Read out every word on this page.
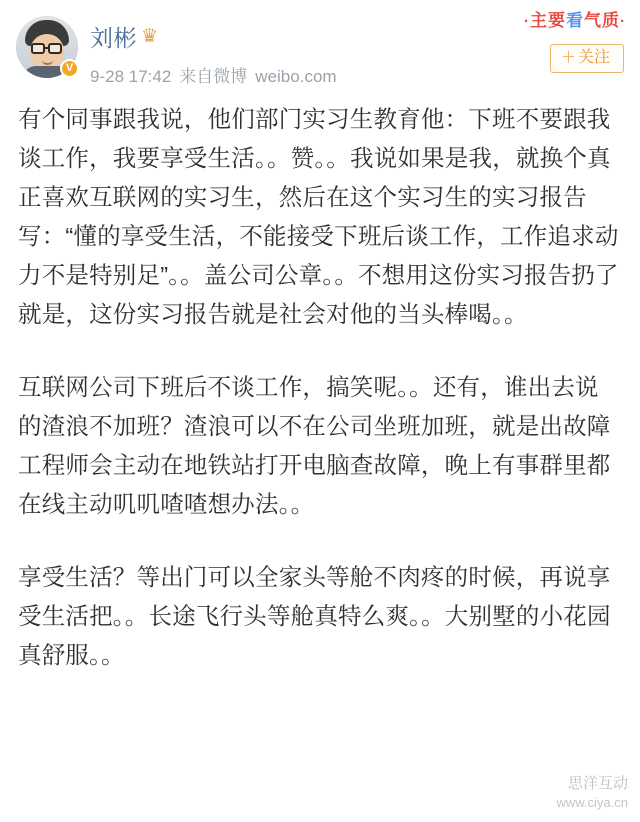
V
刘彬 ♛
9-28 17:42 来自微博 weibo.com
·主要看气质·
＋ 关注

有个同事跟我说，他们部门实习生教育他：下班不要跟我谈工作，我要享受生活。。赞。。我说如果是我，就换个真正喜欢互联网的实习生，然后在这个实习生的实习报告写：“懂的享受生活，不能接受下班后谈工作，工作追求动力不是特别足”。。盖公司公章。。不想用这份实习报告扔了就是，这份实习报告就是社会对他的当头棒喝。。

互联网公司下班后不谈工作，搞笑呢。。还有，谁出去说的渣浪不加班？渣浪可以不在公司坐班加班，就是出故障工程师会主动在地铁站打开电脑查故障，晚上有事群里都在线主动叽叽喳喳想办法。。

享受生活？等出门可以全家头等舱不肉疼的时候，再说享受生活把。。长途飞行头等舱真特么爽。。大别墅的小花园真舒服。。

思洋互动
www.ciya.cn
